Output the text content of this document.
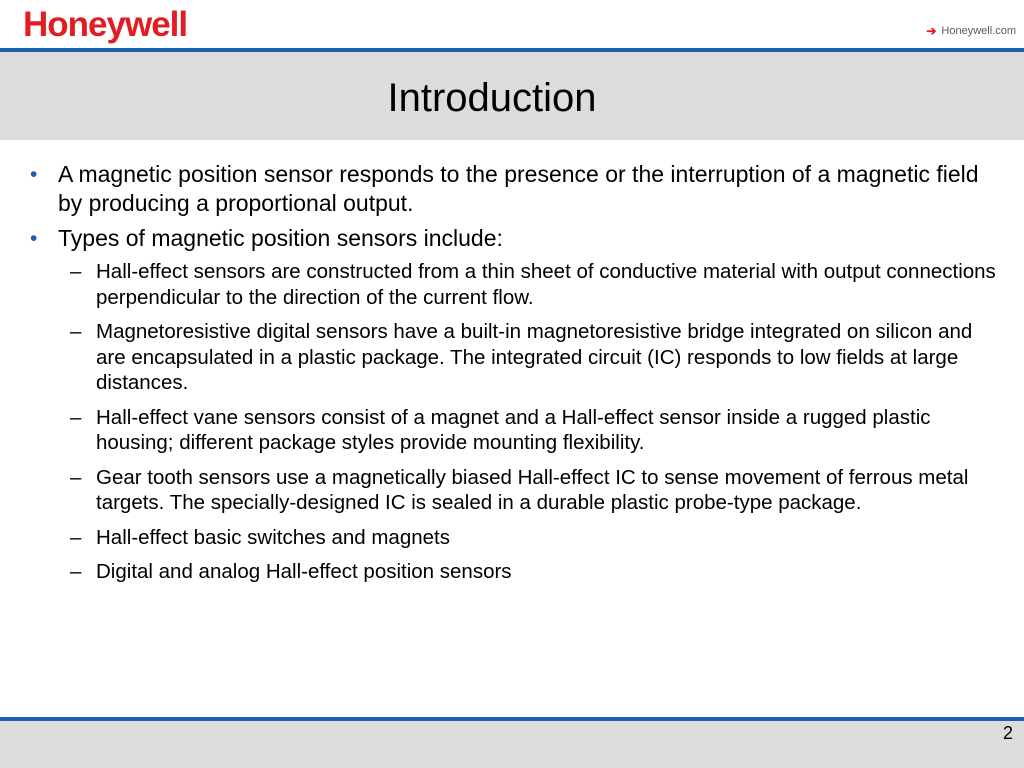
Honeywell	➔ Honeywell.com
Introduction
• A magnetic position sensor responds to the presence or the interruption of a magnetic field by producing a proportional output.
• Types of magnetic position sensors include:
– Hall-effect sensors are constructed from a thin sheet of conductive material with output connections perpendicular to the direction of the current flow.
– Magnetoresistive digital sensors have a built-in magnetoresistive bridge integrated on silicon and are encapsulated in a plastic package. The integrated circuit (IC) responds to low fields at large distances.
– Hall-effect vane sensors consist of a magnet and a Hall-effect sensor inside a rugged plastic housing; different package styles provide mounting flexibility.
– Gear tooth sensors use a magnetically biased Hall-effect IC to sense movement of ferrous metal targets. The specially-designed IC is sealed in a durable plastic probe-type package.
– Hall-effect basic switches and magnets
– Digital and analog Hall-effect position sensors
2
